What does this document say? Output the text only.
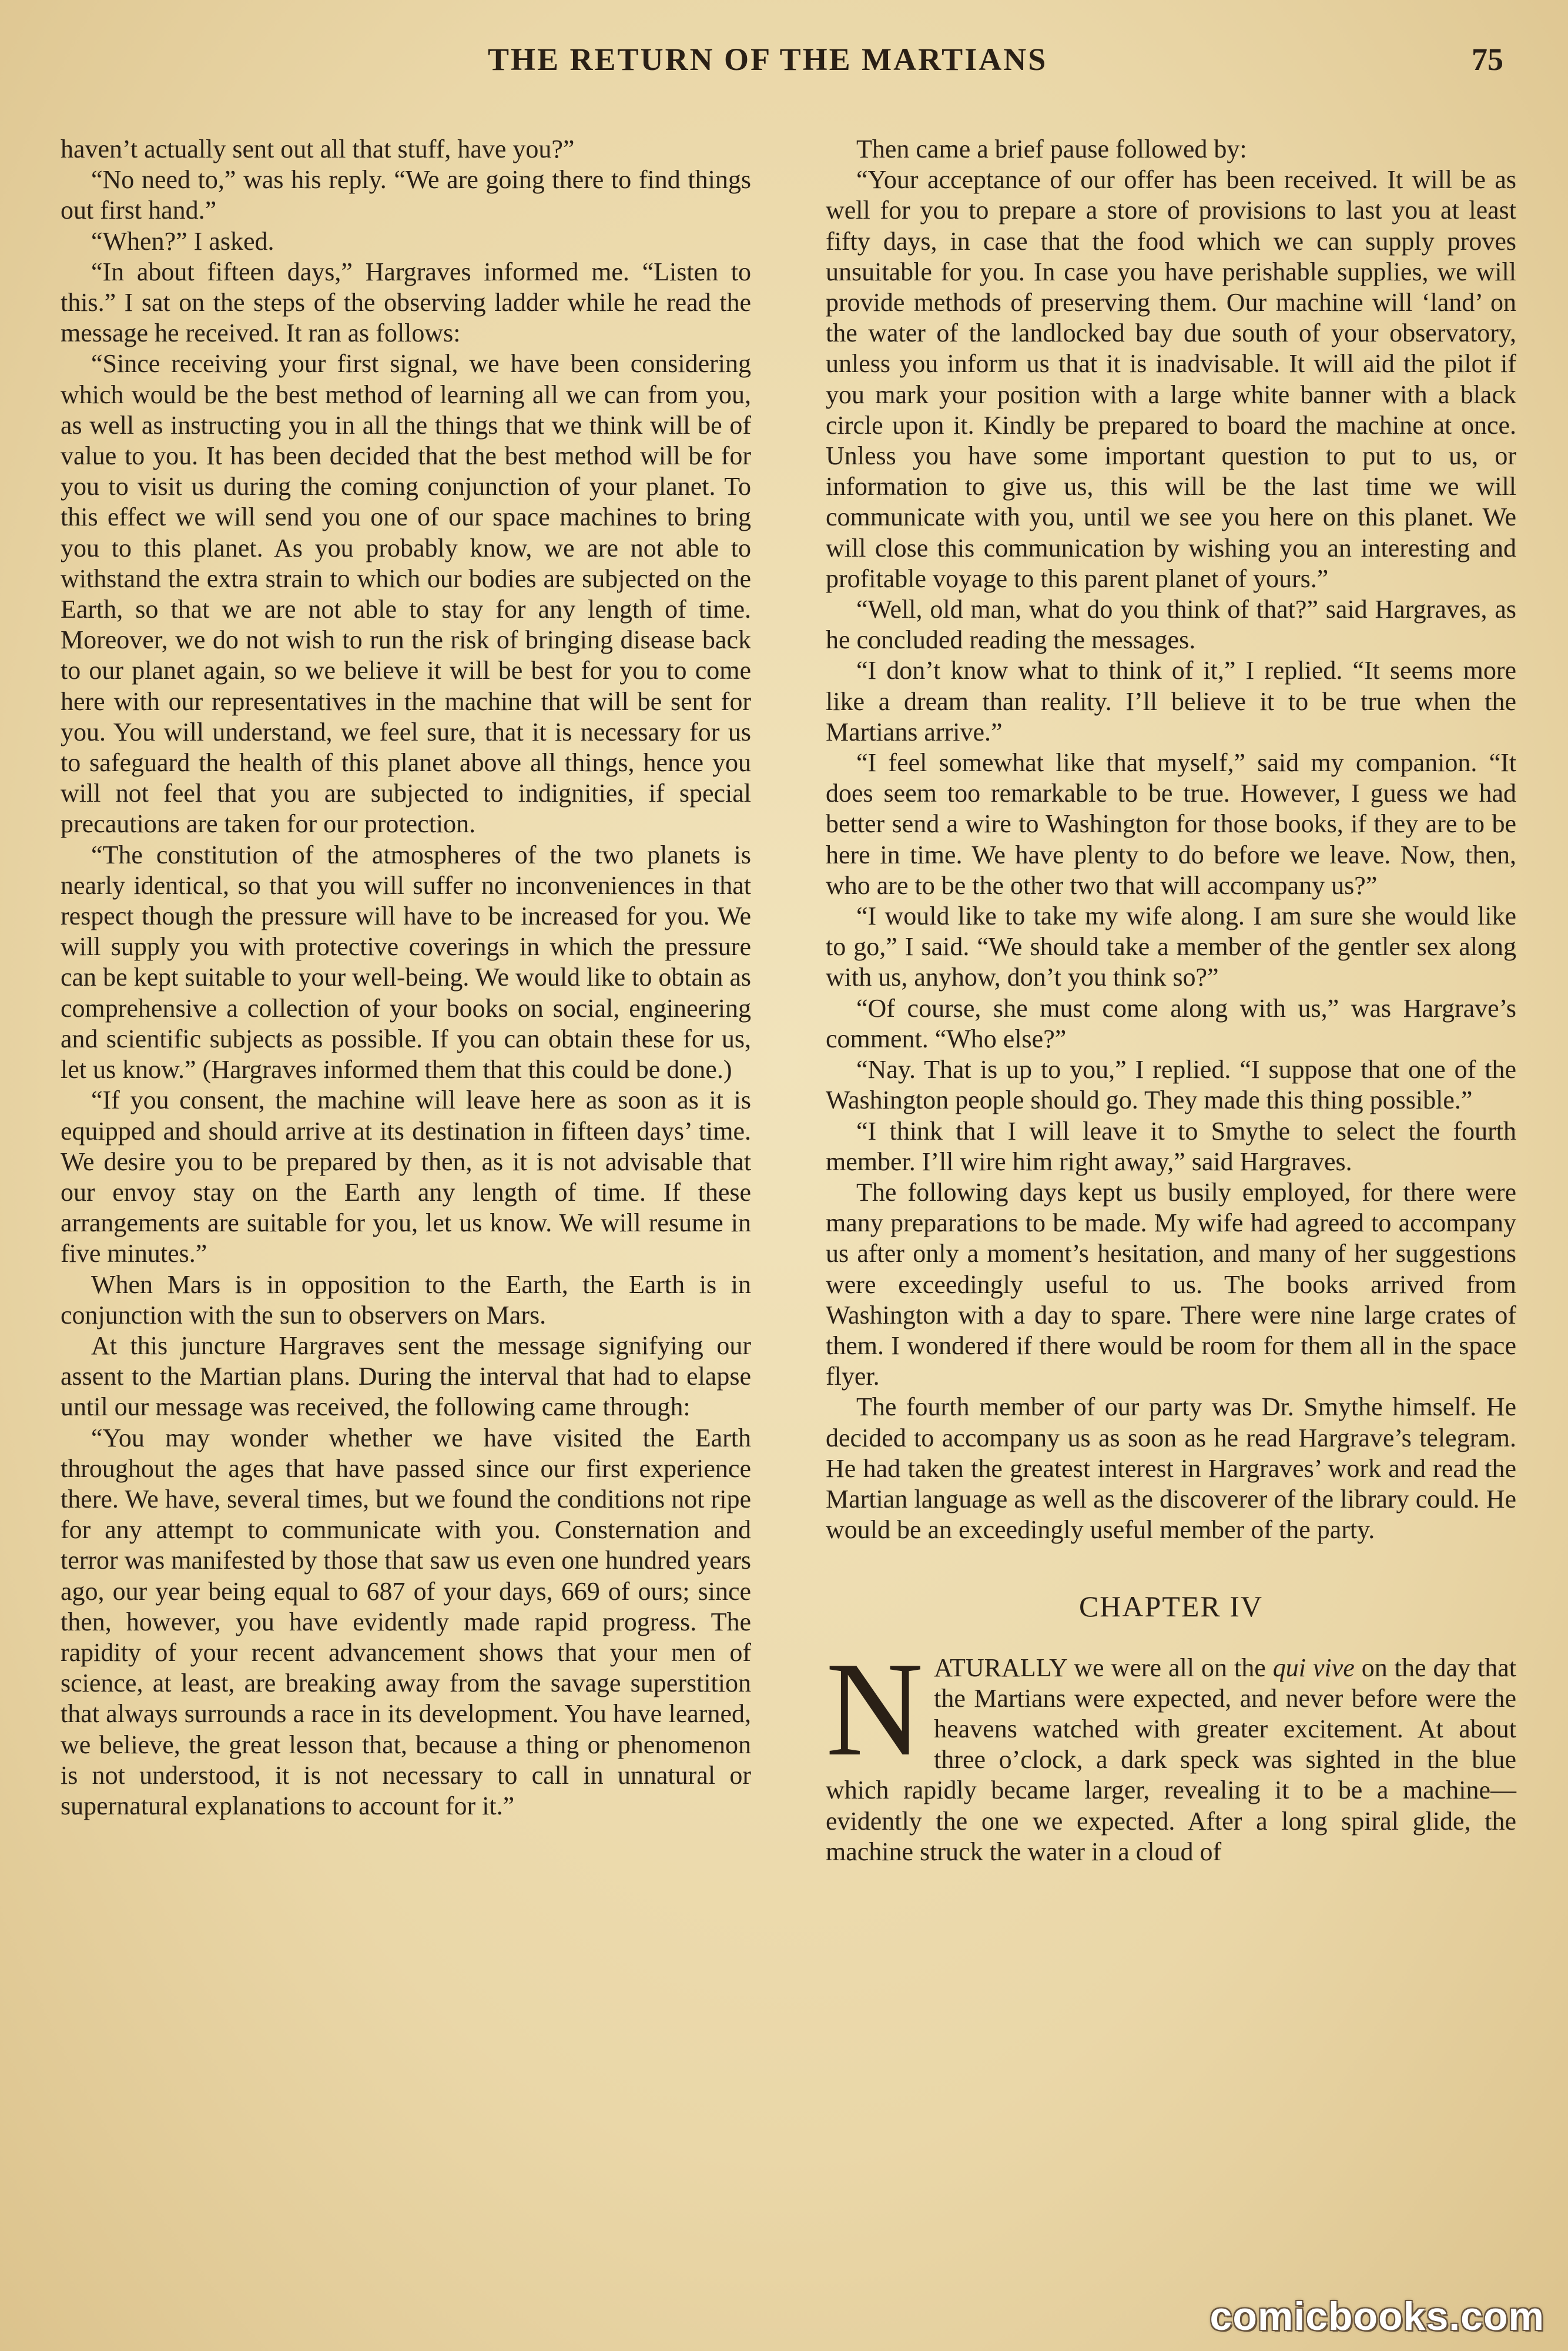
THE RETURN OF THE MARTIANS	75

haven’t actually sent out all that stuff, have you?”

“No need to,” was his reply. “We are going there to find things out first hand.”

“When?” I asked.

“In about fifteen days,” Hargraves informed me. “Listen to this.” I sat on the steps of the observing ladder while he read the message he received. It ran as follows:

“Since receiving your first signal, we have been considering which would be the best method of learning all we can from you, as well as instructing you in all the things that we think will be of value to you. It has been decided that the best method will be for you to visit us during the coming conjunction of your planet. To this effect we will send you one of our space machines to bring you to this planet. As you probably know, we are not able to withstand the extra strain to which our bodies are subjected on the Earth, so that we are not able to stay for any length of time. Moreover, we do not wish to run the risk of bringing disease back to our planet again, so we believe it will be best for you to come here with our representatives in the machine that will be sent for you. You will understand, we feel sure, that it is necessary for us to safeguard the health of this planet above all things, hence you will not feel that you are subjected to indignities, if special precautions are taken for our protection.

“The constitution of the atmospheres of the two planets is nearly identical, so that you will suffer no inconveniences in that respect though the pressure will have to be increased for you. We will supply you with protective coverings in which the pressure can be kept suitable to your well-being. We would like to obtain as comprehensive a collection of your books on social, engineering and scientific subjects as possible. If you can obtain these for us, let us know.” (Hargraves informed them that this could be done.)

“If you consent, the machine will leave here as soon as it is equipped and should arrive at its destination in fifteen days’ time. We desire you to be prepared by then, as it is not advisable that our envoy stay on the Earth any length of time. If these arrangements are suitable for you, let us know. We will resume in five minutes.”

When Mars is in opposition to the Earth, the Earth is in conjunction with the sun to observers on Mars.

At this juncture Hargraves sent the message signifying our assent to the Martian plans. During the interval that had to elapse until our message was received, the following came through:

“You may wonder whether we have visited the Earth throughout the ages that have passed since our first experience there. We have, several times, but we found the conditions not ripe for any attempt to communicate with you. Consternation and terror was manifested by those that saw us even one hundred years ago, our year being equal to 687 of your days, 669 of ours; since then, however, you have evidently made rapid progress. The rapidity of your recent advancement shows that your men of science, at least, are breaking away from the savage superstition that always surrounds a race in its development. You have learned, we believe, the great lesson that, because a thing or phenomenon is not understood, it is not necessary to call in unnatural or supernatural explanations to account for it.”

Then came a brief pause followed by:

“Your acceptance of our offer has been received. It will be as well for you to prepare a store of provisions to last you at least fifty days, in case that the food which we can supply proves unsuitable for you. In case you have perishable supplies, we will provide methods of preserving them. Our machine will ‘land’ on the water of the landlocked bay due south of your observatory, unless you inform us that it is inadvisable. It will aid the pilot if you mark your position with a large white banner with a black circle upon it. Kindly be prepared to board the machine at once. Unless you have some important question to put to us, or information to give us, this will be the last time we will communicate with you, until we see you here on this planet. We will close this communication by wishing you an interesting and profitable voyage to this parent planet of yours.”

“Well, old man, what do you think of that?” said Hargraves, as he concluded reading the messages.

“I don’t know what to think of it,” I replied. “It seems more like a dream than reality. I’ll believe it to be true when the Martians arrive.”

“I feel somewhat like that myself,” said my companion. “It does seem too remarkable to be true. However, I guess we had better send a wire to Washington for those books, if they are to be here in time. We have plenty to do before we leave. Now, then, who are to be the other two that will accompany us?”

“I would like to take my wife along. I am sure she would like to go,” I said. “We should take a member of the gentler sex along with us, anyhow, don’t you think so?”

“Of course, she must come along with us,” was Hargrave’s comment. “Who else?”

“Nay. That is up to you,” I replied. “I suppose that one of the Washington people should go. They made this thing possible.”

“I think that I will leave it to Smythe to select the fourth member. I’ll wire him right away,” said Hargraves.

The following days kept us busily employed, for there were many preparations to be made. My wife had agreed to accompany us after only a moment’s hesitation, and many of her suggestions were exceedingly useful to us. The books arrived from Washington with a day to spare. There were nine large crates of them. I wondered if there would be room for them all in the space flyer.

The fourth member of our party was Dr. Smythe himself. He decided to accompany us as soon as he read Hargrave’s telegram. He had taken the greatest interest in Hargraves’ work and read the Martian language as well as the discoverer of the library could. He would be an exceedingly useful member of the party.

CHAPTER IV

NATURALLY we were all on the qui vive on the day that the Martians were expected, and never before were the heavens watched with greater excitement. At about three o’clock, a dark speck was sighted in the blue which rapidly became larger, revealing it to be a machine—evidently the one we expected. After a long spiral glide, the machine struck the water in a cloud of

comicbooks.com
